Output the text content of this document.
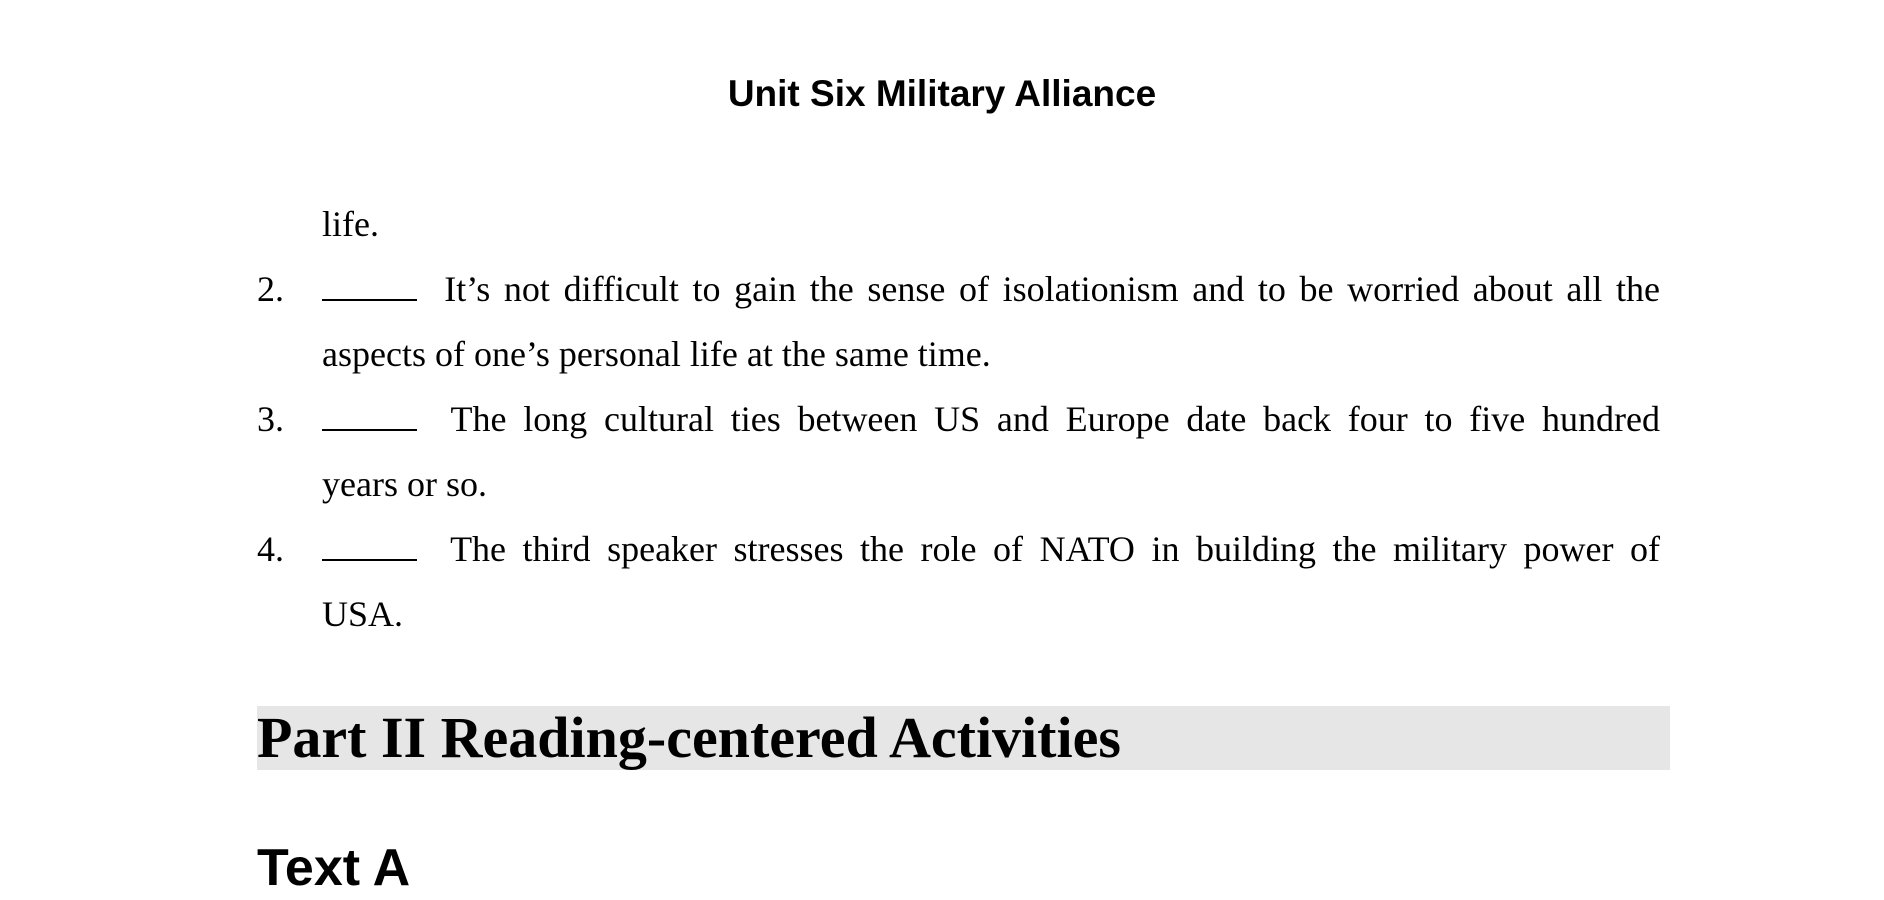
Unit Six Military Alliance
life.
2.	It’s not difficult to gain the sense of isolationism and to be worried about all the
aspects of one’s personal life at the same time.
3.	The long cultural ties between US and Europe date back four to five hundred
years or so.
4.	The third speaker stresses the role of NATO in building the military power of
USA.
Part II Reading-centered Activities
Text A
